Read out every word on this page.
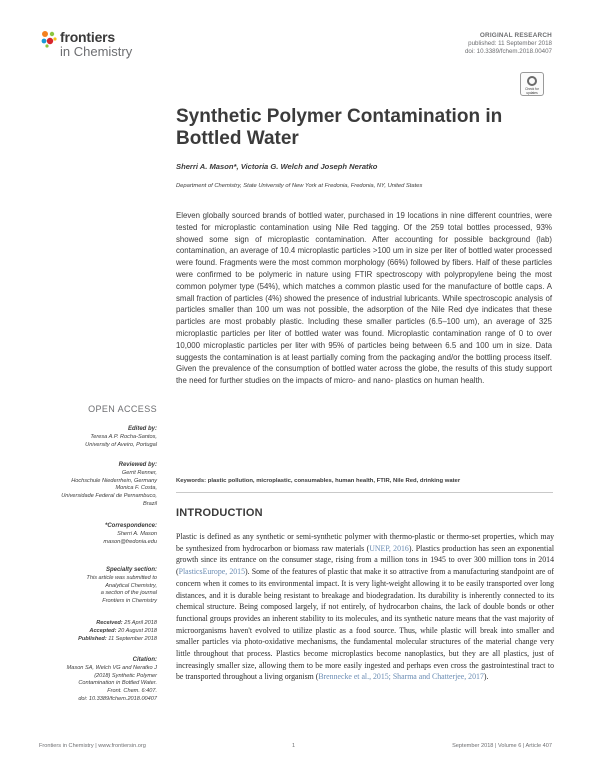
frontiers
in Chemistry
ORIGINAL RESEARCH
published: 11 September 2018
doi: 10.3389/fchem.2018.00407
Check for
updates
Synthetic Polymer Contamination in Bottled Water
Sherri A. Mason*, Victoria G. Welch and Joseph Neratko
Department of Chemistry, State University of New York at Fredonia, Fredonia, NY, United States
Eleven globally sourced brands of bottled water, purchased in 19 locations in nine different countries, were tested for microplastic contamination using Nile Red tagging. Of the 259 total bottles processed, 93% showed some sign of microplastic contamination. After accounting for possible background (lab) contamination, an average of 10.4 microplastic particles >100 um in size per liter of bottled water processed were found. Fragments were the most common morphology (66%) followed by fibers. Half of these particles were confirmed to be polymeric in nature using FTIR spectroscopy with polypropylene being the most common polymer type (54%), which matches a common plastic used for the manufacture of bottle caps. A small fraction of particles (4%) showed the presence of industrial lubricants. While spectroscopic analysis of particles smaller than 100 um was not possible, the adsorption of the Nile Red dye indicates that these particles are most probably plastic. Including these smaller particles (6.5–100 um), an average of 325 microplastic particles per liter of bottled water was found. Microplastic contamination range of 0 to over 10,000 microplastic particles per liter with 95% of particles being between 6.5 and 100 um in size. Data suggests the contamination is at least partially coming from the packaging and/or the bottling process itself. Given the prevalence of the consumption of bottled water across the globe, the results of this study support the need for further studies on the impacts of micro- and nano- plastics on human health.
Keywords: plastic pollution, microplastic, consumables, human health, FTIR, Nile Red, drinking water
INTRODUCTION
Plastic is defined as any synthetic or semi-synthetic polymer with thermo-plastic or thermo-set properties, which may be synthesized from hydrocarbon or biomass raw materials (UNEP, 2016). Plastics production has seen an exponential growth since its entrance on the consumer stage, rising from a million tons in 1945 to over 300 million tons in 2014 (PlasticsEurope, 2015). Some of the features of plastic that make it so attractive from a manufacturing standpoint are of concern when it comes to its environmental impact. It is very light-weight allowing it to be easily transported over long distances, and it is durable being resistant to breakage and biodegradation. Its durability is inherently connected to its chemical structure. Being composed largely, if not entirely, of hydrocarbon chains, the lack of double bonds or other functional groups provides an inherent stability to its molecules, and its synthetic nature means that the vast majority of microorganisms haven't evolved to utilize plastic as a food source. Thus, while plastic will break into smaller and smaller particles via photo-oxidative mechanisms, the fundamental molecular structures of the material change very little throughout that process. Plastics become microplastics become nanoplastics, but they are all plastics, just of increasingly smaller size, allowing them to be more easily ingested and perhaps even cross the gastrointestinal tract to be transported throughout a living organism (Brennecke et al., 2015; Sharma and Chatterjee, 2017).
OPEN ACCESS
Edited by:
Teresa A.P. Rocha-Santos,
University of Aveiro, Portugal
Reviewed by:
Gerrit Renner,
Hochschule Niederrhein, Germany
Monica F. Costa,
Universidade Federal de Pernambuco,
Brazil
*Correspondence:
Sherri A. Mason
mason@fredonia.edu
Specialty section:
This article was submitted to
Analytical Chemistry,
a section of the journal
Frontiers in Chemistry
Received: 25 April 2018
Accepted: 20 August 2018
Published: 11 September 2018
Citation:
Mason SA, Welch VG and Neratko J
(2018) Synthetic Polymer
Contamination in Bottled Water.
Front. Chem. 6:407.
doi: 10.3389/fchem.2018.00407
Frontiers in Chemistry | www.frontiersin.org	1	September 2018 | Volume 6 | Article 407
